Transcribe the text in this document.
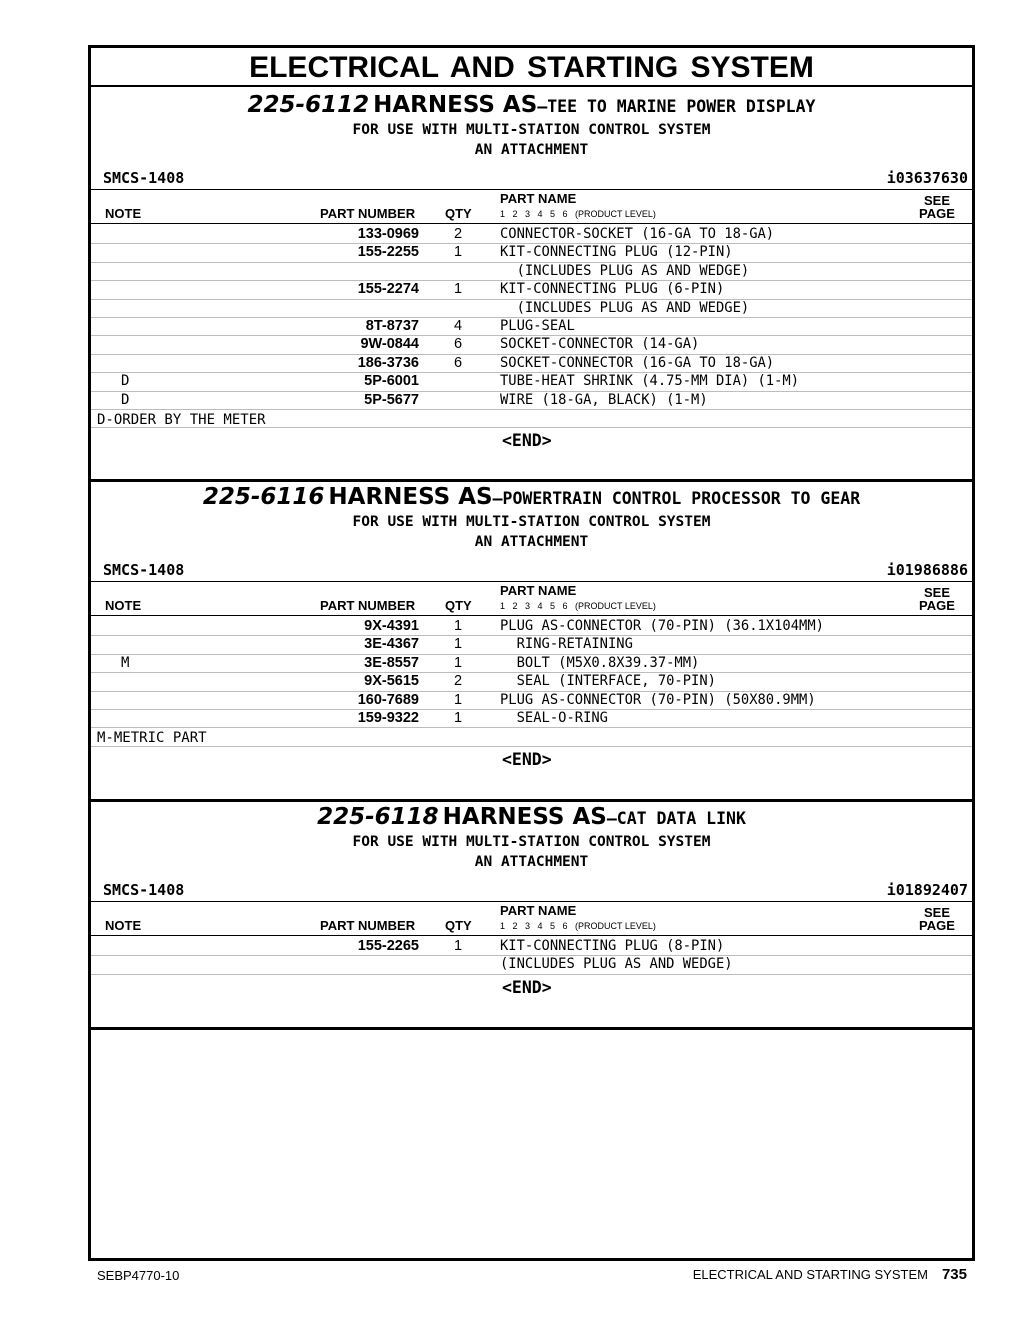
ELECTRICAL AND STARTING SYSTEM
225-6112 HARNESS AS–TEE TO MARINE POWER DISPLAY
FOR USE WITH MULTI-STATION CONTROL SYSTEM
AN ATTACHMENT
SMCS-1408	i03637630
PART NAME	SEE
NOTE	PART NUMBER QTY	1   2   3   4   5   6   (PRODUCT LEVEL)	PAGE
133-0969	2	CONNECTOR-SOCKET (16-GA TO 18-GA)
155-2255	1	KIT-CONNECTING PLUG (12-PIN)
(INCLUDES PLUG AS AND WEDGE)
155-2274	1	KIT-CONNECTING PLUG (6-PIN)
(INCLUDES PLUG AS AND WEDGE)
8T-8737	4	PLUG-SEAL
9W-0844	6	SOCKET-CONNECTOR (14-GA)
186-3736	6	SOCKET-CONNECTOR (16-GA TO 18-GA)
D	5P-6001	TUBE-HEAT SHRINK (4.75-MM DIA) (1-M)
D	5P-5677	WIRE (18-GA, BLACK) (1-M)
D-ORDER BY THE METER
<END>
225-6116 HARNESS AS–POWERTRAIN CONTROL PROCESSOR TO GEAR
FOR USE WITH MULTI-STATION CONTROL SYSTEM
AN ATTACHMENT
SMCS-1408	i01986886
PART NAME	SEE
NOTE	PART NUMBER QTY	1   2   3   4   5   6   (PRODUCT LEVEL)	PAGE
9X-4391	1	PLUG AS-CONNECTOR (70-PIN) (36.1X104MM)
3E-4367	1	RING-RETAINING
M	3E-8557	1	BOLT (M5X0.8X39.37-MM)
9X-5615	2	SEAL (INTERFACE, 70-PIN)
160-7689	1	PLUG AS-CONNECTOR (70-PIN) (50X80.9MM)
159-9322	1	SEAL-O-RING
M-METRIC PART
<END>
225-6118 HARNESS AS–CAT DATA LINK
FOR USE WITH MULTI-STATION CONTROL SYSTEM
AN ATTACHMENT
SMCS-1408	i01892407
PART NAME	SEE
NOTE	PART NUMBER QTY	1   2   3   4   5   6   (PRODUCT LEVEL)	PAGE
155-2265	1	KIT-CONNECTING PLUG (8-PIN)
(INCLUDES PLUG AS AND WEDGE)
<END>
SEBP4770-10	ELECTRICAL AND STARTING SYSTEM 735
